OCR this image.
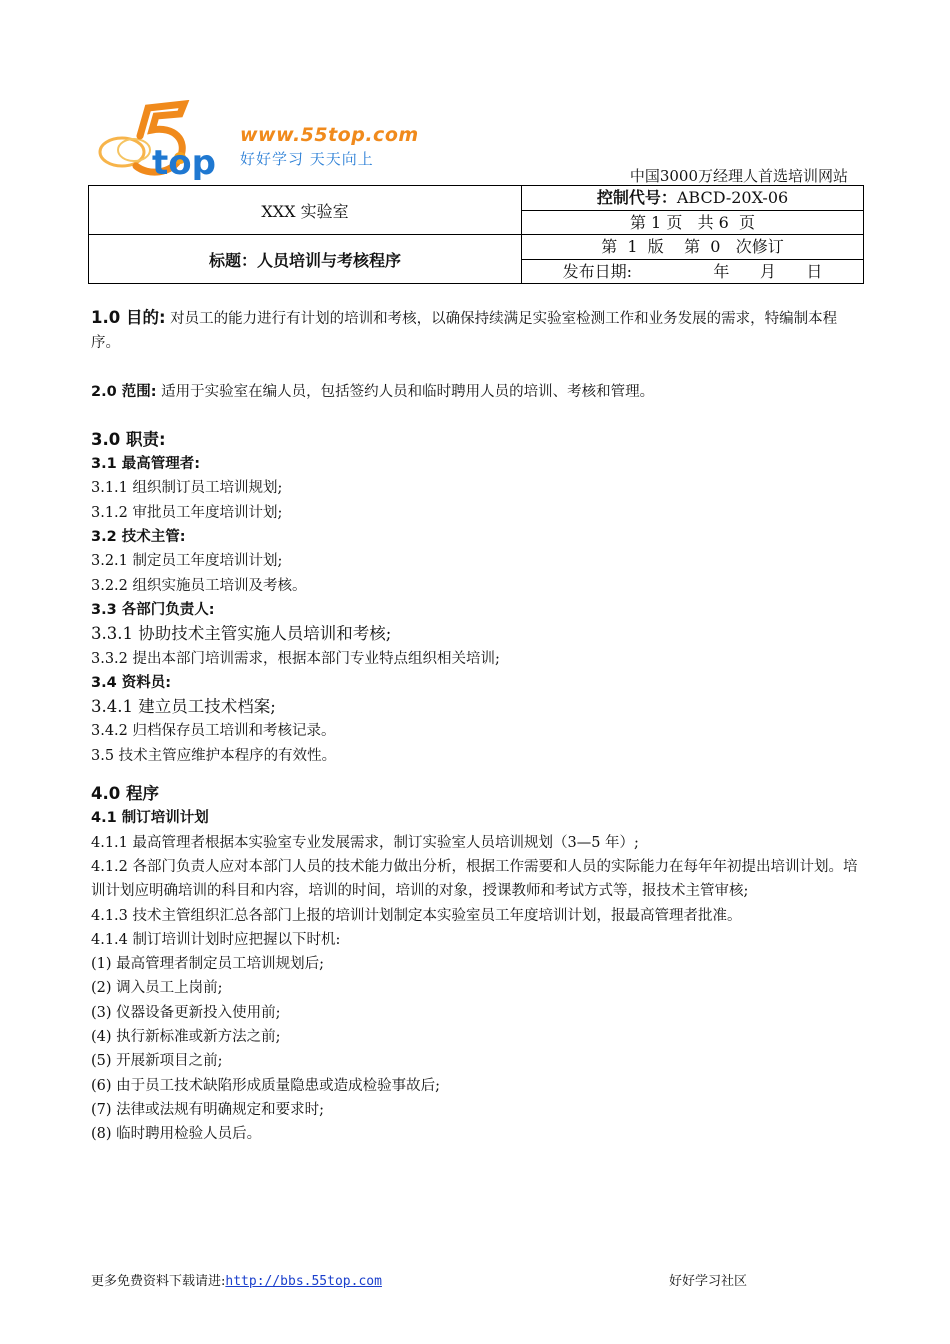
top
www.55top.com
好好学习 天天向上
中国3000万经理人首选培训网站
XXX 实验室	控制代号：ABCD-20X-06
	第 1 页   共 6  页
标题：人员培训与考核程序	第  1  版    第  0   次修订
	发布日期:                年      月      日

1.0 目的: 对员工的能力进行有计划的培训和考核，以确保持续满足实验室检测工作和业务发展的需求，特编制本程序。

2.0 范围: 适用于实验室在编人员，包括签约人员和临时聘用人员的培训、考核和管理。

3.0 职责:

3.1 最高管理者:

3.1.1 组织制订员工培训规划;

3.1.2 审批员工年度培训计划;

3.2 技术主管:

3.2.1 制定员工年度培训计划;

3.2.2 组织实施员工培训及考核。

3.3 各部门负责人:

3.3.1 协助技术主管实施人员培训和考核;

3.3.2 提出本部门培训需求，根据本部门专业特点组织相关培训;

3.4 资料员:

3.4.1 建立员工技术档案;

3.4.2 归档保存员工培训和考核记录。

3.5 技术主管应维护本程序的有效性。

4.0 程序

4.1 制订培训计划

4.1.1 最高管理者根据本实验室专业发展需求，制订实验室人员培训规划（3—5 年）;

4.1.2 各部门负责人应对本部门人员的技术能力做出分析，根据工作需要和人员的实际能力在每年年初提出培训计划。培训计划应明确培训的科目和内容，培训的时间，培训的对象，授课教师和考试方式等，报技术主管审核;

4.1.3 技术主管组织汇总各部门上报的培训计划制定本实验室员工年度培训计划，报最高管理者批准。

4.1.4 制订培训计划时应把握以下时机:

(1) 最高管理者制定员工培训规划后;

(2) 调入员工上岗前;

(3) 仪器设备更新投入使用前;

(4) 执行新标准或新方法之前;

(5) 开展新项目之前;

(6) 由于员工技术缺陷形成质量隐患或造成检验事故后;

(7) 法律或法规有明确规定和要求时;

(8) 临时聘用检验人员后。

更多免费资料下载请进:http://bbs.55top.com	好好学习社区
